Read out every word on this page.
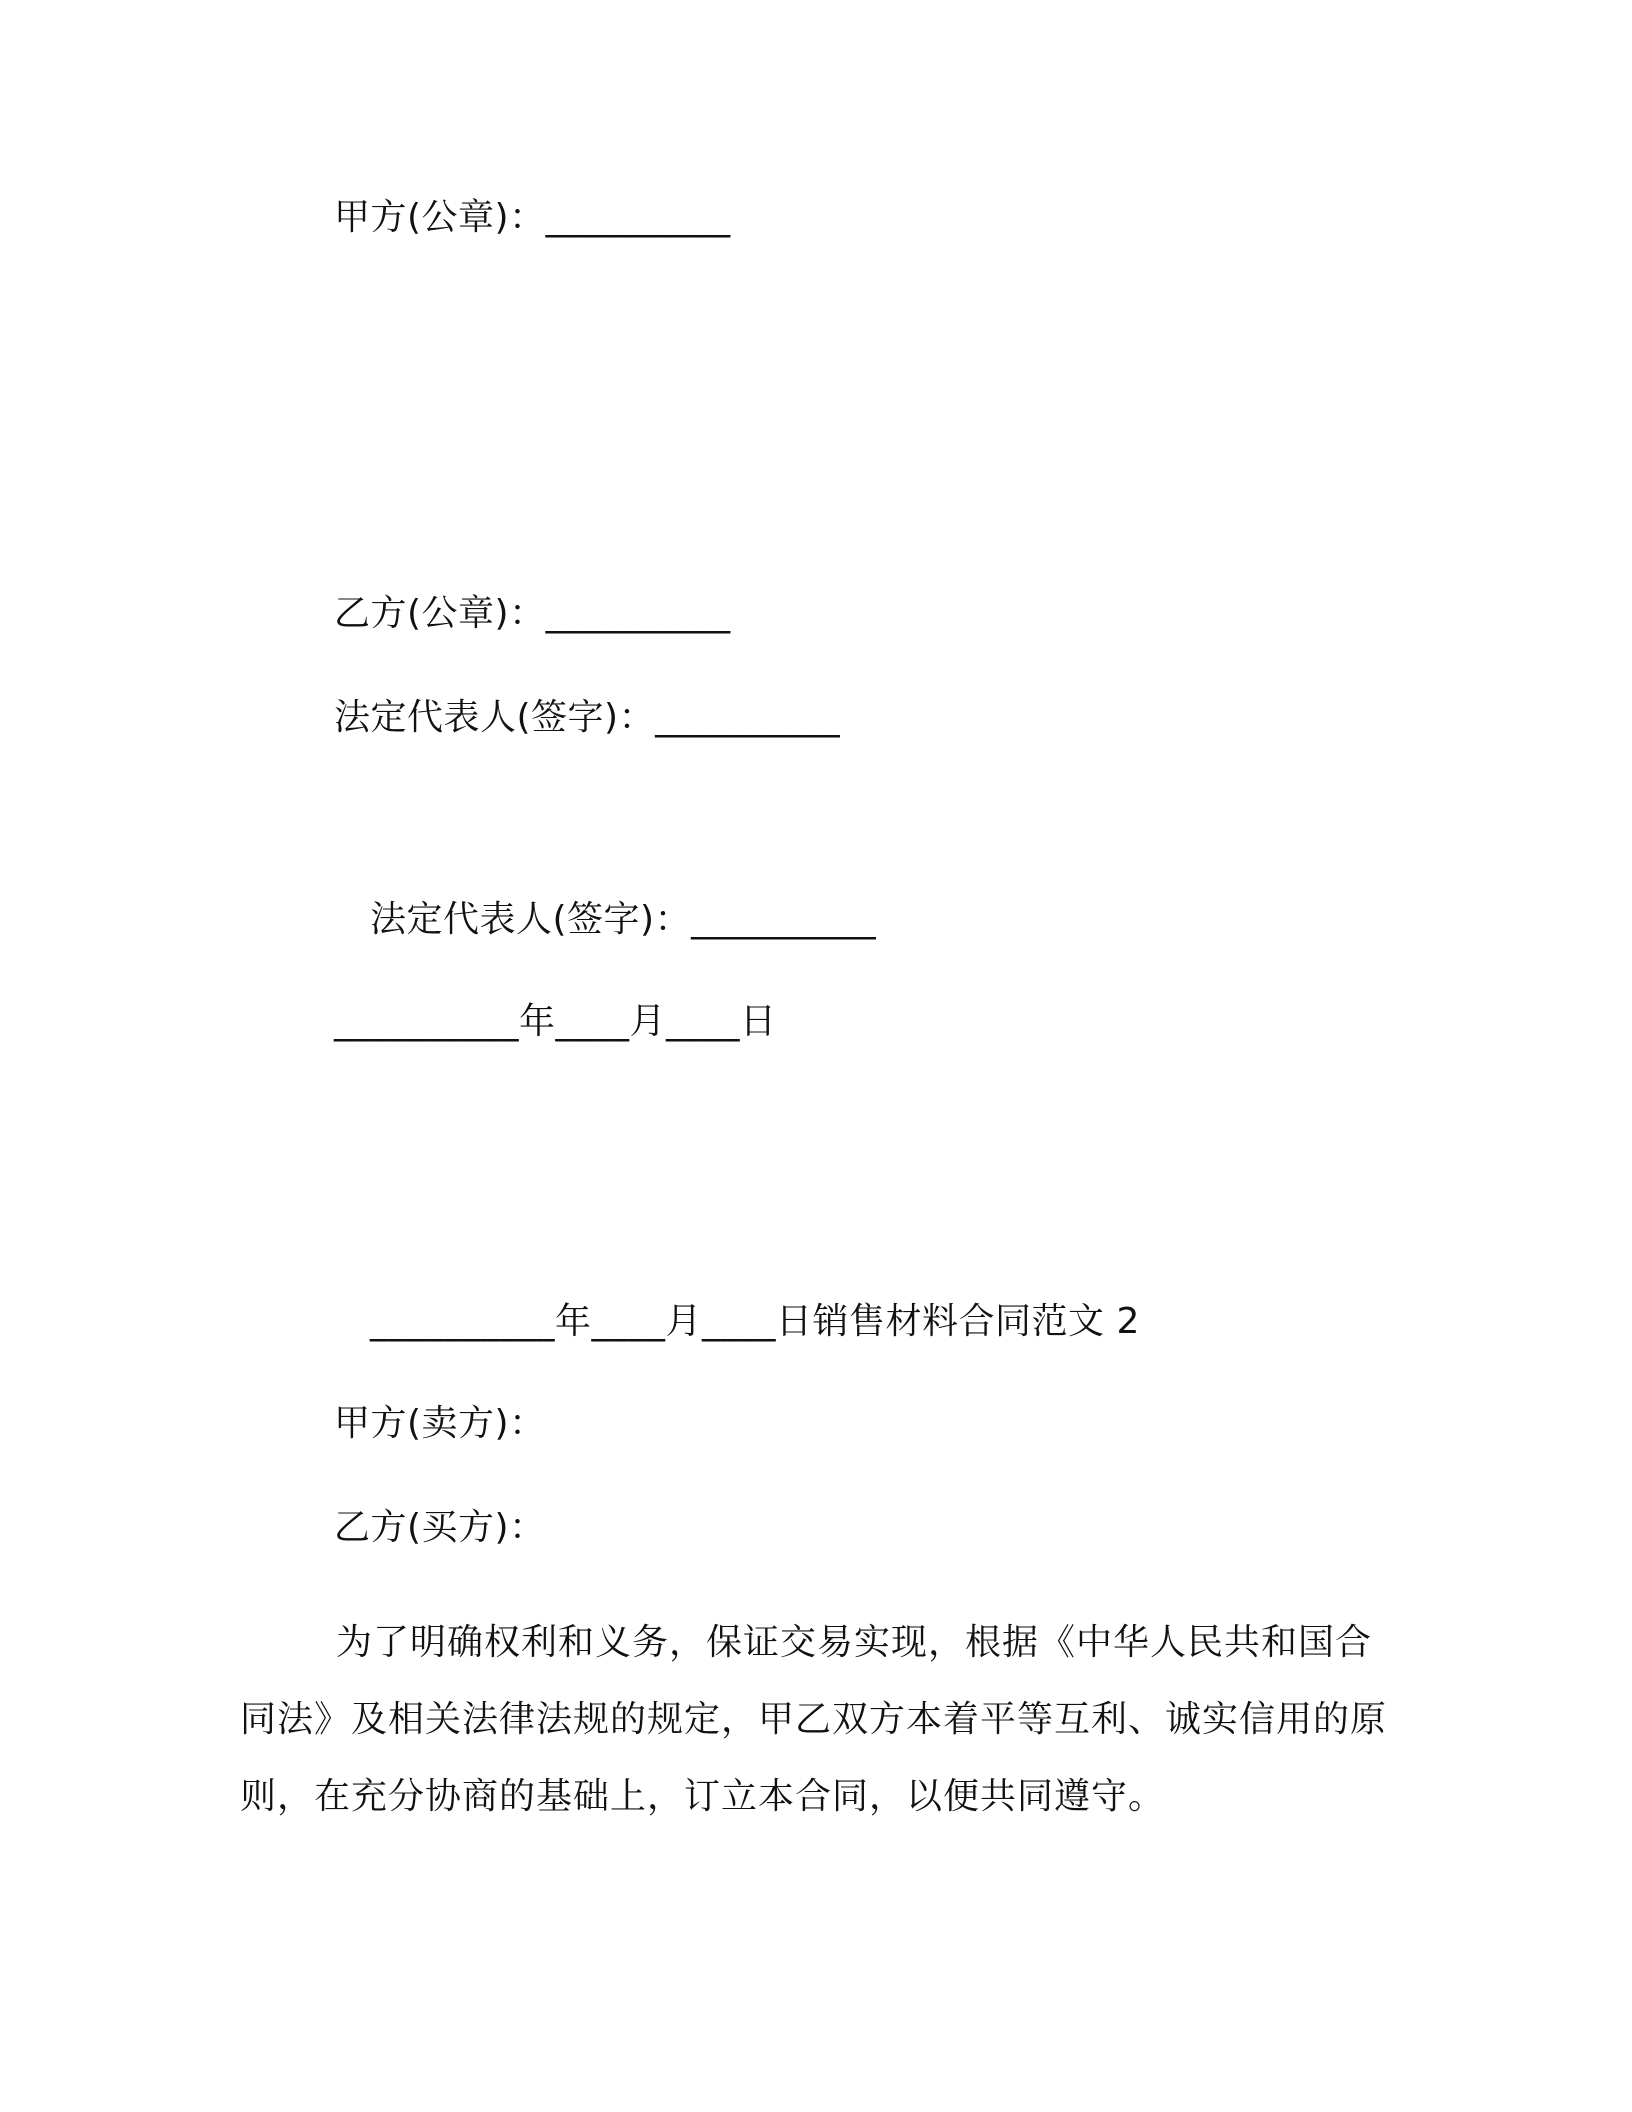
甲方(公章)：__________
乙方(公章)：__________
法定代表人(签字)：__________
法定代表人(签字)：__________
__________年____月____日
__________年____月____日销售材料合同范文 2
甲方(卖方)：
乙方(买方)：
为了明确权利和义务，保证交易实现，根据《中华人民共和国合同法》及相关法律法规的规定，甲乙双方本着平等互利、诚实信用的原则，在充分协商的基础上，订立本合同，以便共同遵守。
